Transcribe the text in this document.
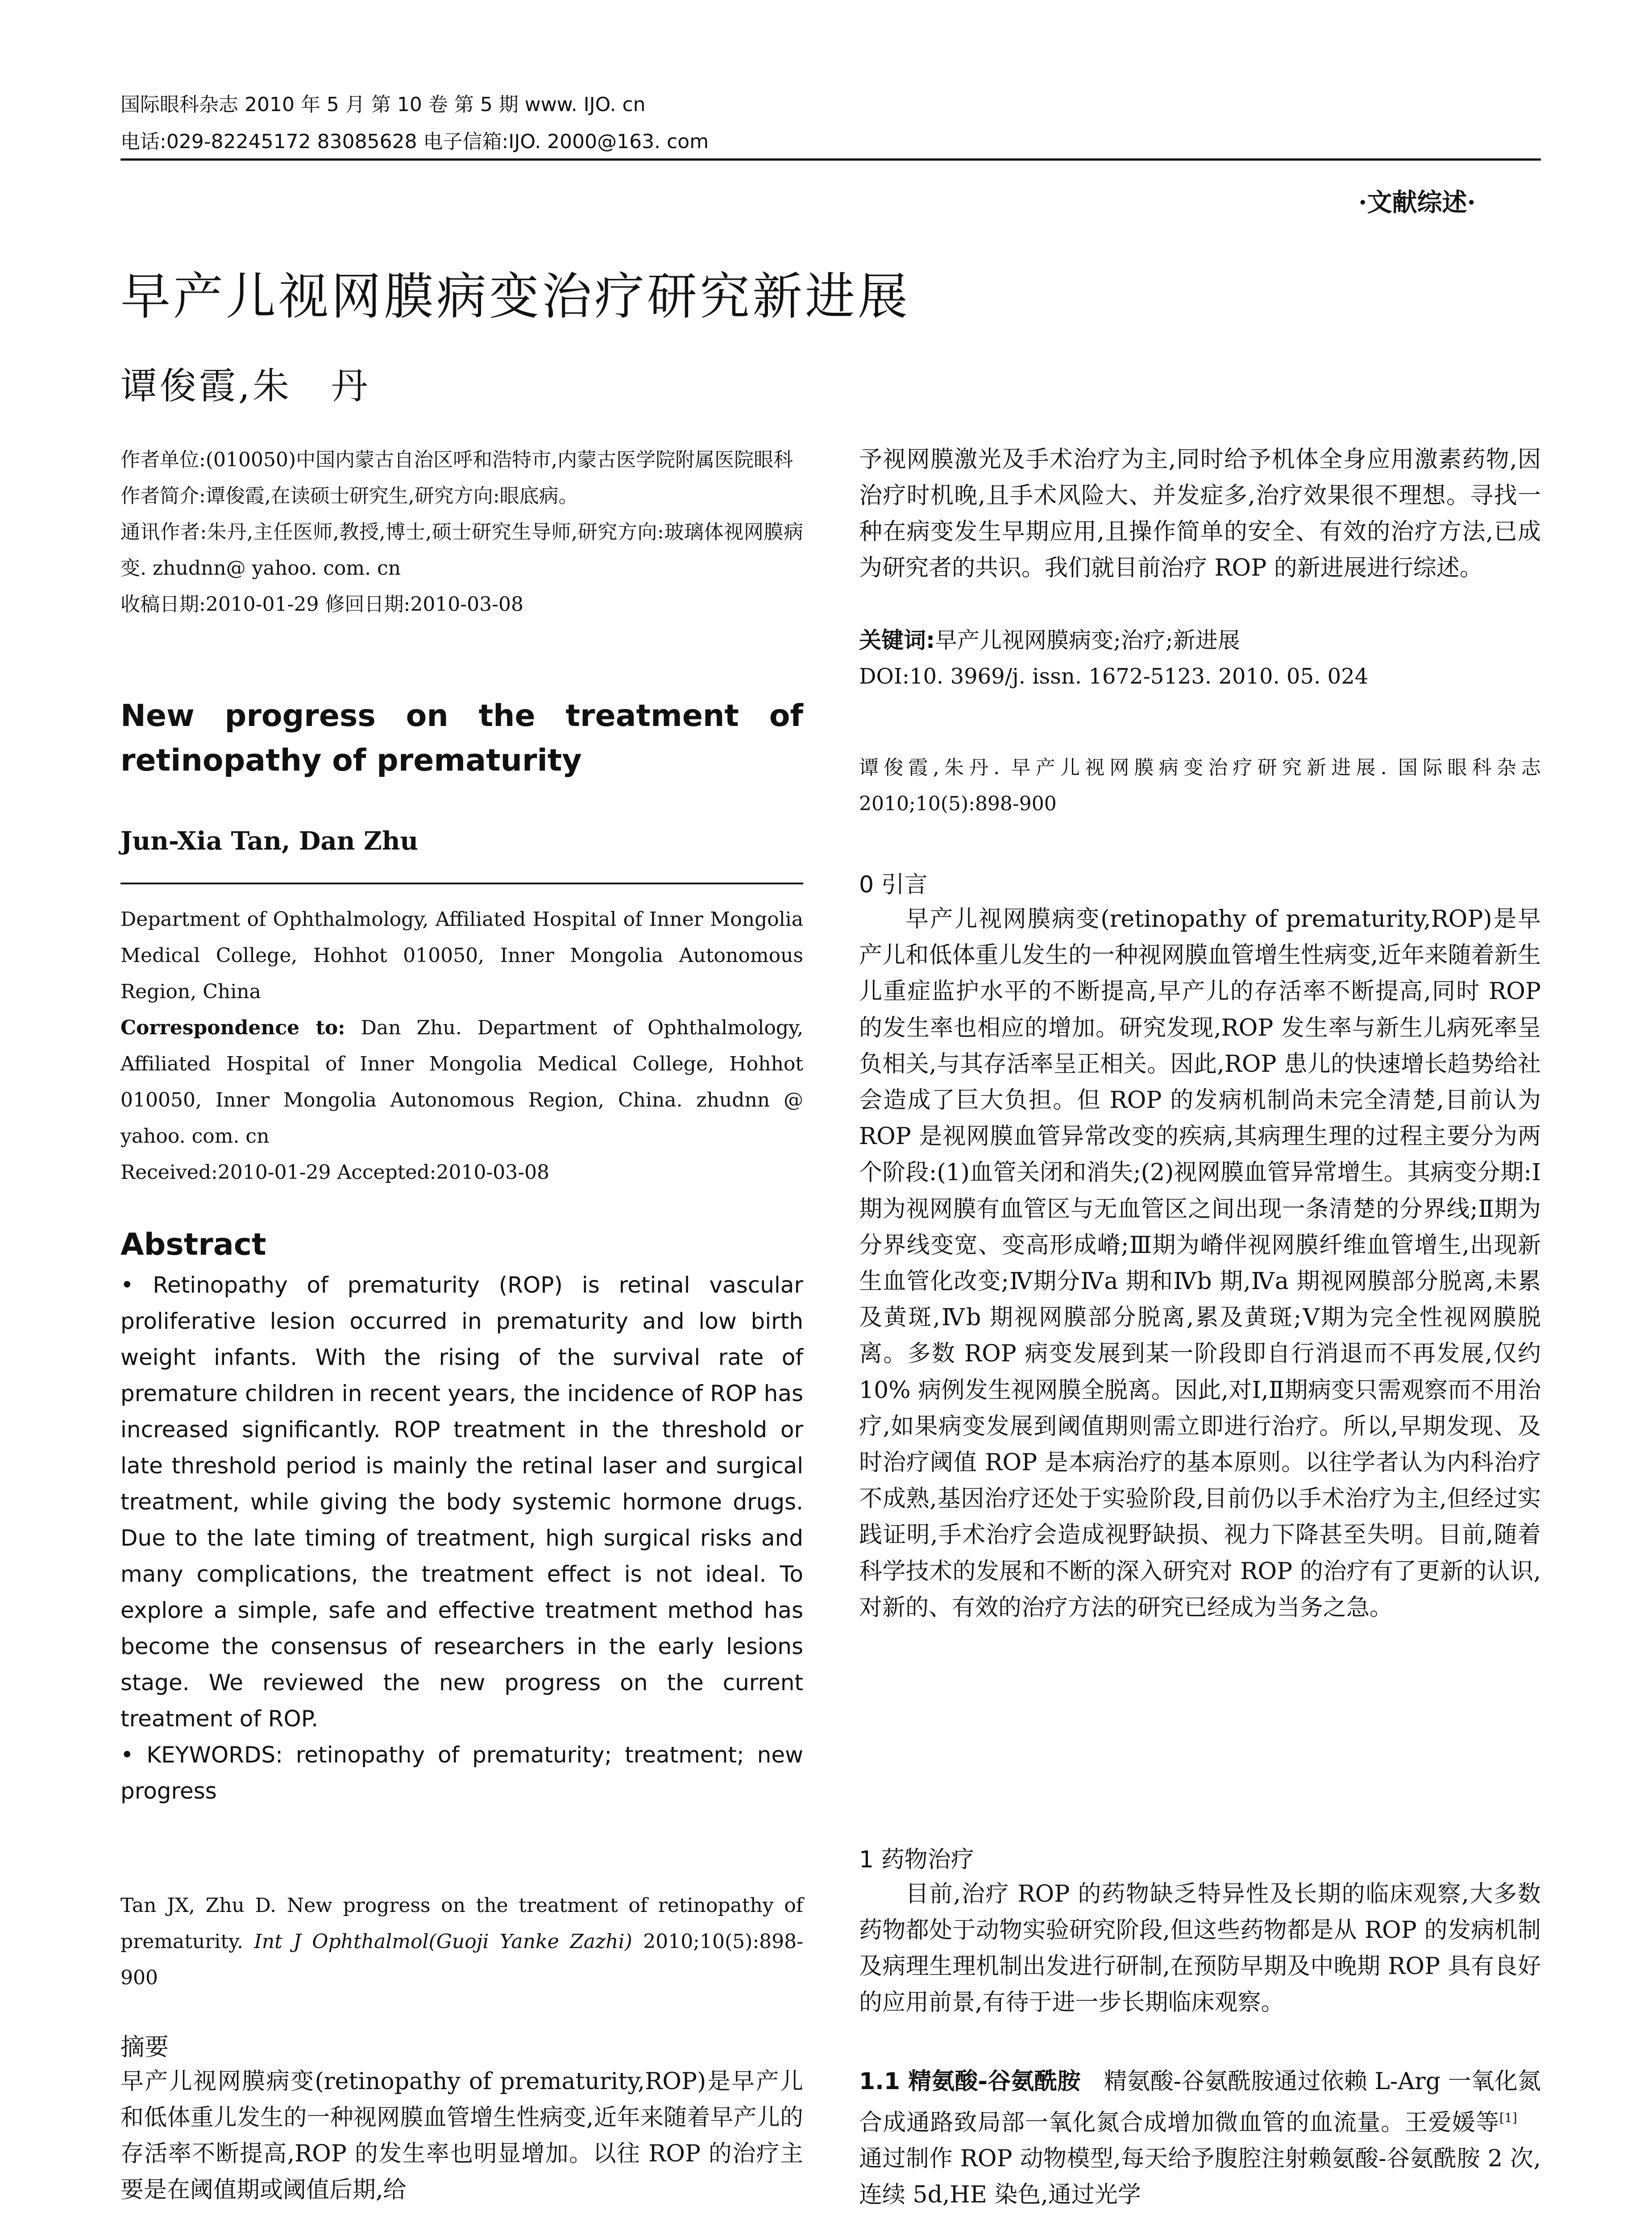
国际眼科杂志 2010 年 5 月 第 10 卷 第 5 期 www. IJO. cn
电话:029-82245172 83085628 电子信箱:IJO. 2000@163. com
·文献综述·
早产儿视网膜病变治疗研究新进展
谭俊霞,朱　丹
作者单位:(010050)中国内蒙古自治区呼和浩特市,内蒙古医学院附属医院眼科
作者简介:谭俊霞,在读硕士研究生,研究方向:眼底病。
通讯作者:朱丹,主任医师,教授,博士,硕士研究生导师,研究方向:玻璃体视网膜病变. zhudnn@ yahoo. com. cn
收稿日期:2010-01-29 修回日期:2010-03-08
New progress on the treatment of retinopathy of prematurity
Jun-Xia Tan, Dan Zhu
Department of Ophthalmology, Affiliated Hospital of Inner Mongolia Medical College, Hohhot 010050, Inner Mongolia Autonomous Region, China
Correspondence to: Dan Zhu. Department of Ophthalmology, Affiliated Hospital of Inner Mongolia Medical College, Hohhot 010050, Inner Mongolia Autonomous Region, China. zhudnn @ yahoo. com. cn
Received:2010-01-29 Accepted:2010-03-08
Abstract
• Retinopathy of prematurity (ROP) is retinal vascular proliferative lesion occurred in prematurity and low birth weight infants. With the rising of the survival rate of premature children in recent years, the incidence of ROP has increased significantly. ROP treatment in the threshold or late threshold period is mainly the retinal laser and surgical treatment, while giving the body systemic hormone drugs. Due to the late timing of treatment, high surgical risks and many complications, the treatment effect is not ideal. To explore a simple, safe and effective treatment method has become the consensus of researchers in the early lesions stage. We reviewed the new progress on the current treatment of ROP.
• KEYWORDS: retinopathy of prematurity; treatment; new progress
Tan JX, Zhu D. New progress on the treatment of retinopathy of prematurity. Int J Ophthalmol(Guoji Yanke Zazhi) 2010;10(5):898-900
摘要
早产儿视网膜病变(retinopathy of prematurity,ROP)是早产儿和低体重儿发生的一种视网膜血管增生性病变,近年来随着早产儿的存活率不断提高,ROP 的发生率也明显增加。以往 ROP 的治疗主要是在阈值期或阈值后期,给
予视网膜激光及手术治疗为主,同时给予机体全身应用激素药物,因治疗时机晚,且手术风险大、并发症多,治疗效果很不理想。寻找一种在病变发生早期应用,且操作简单的安全、有效的治疗方法,已成为研究者的共识。我们就目前治疗 ROP 的新进展进行综述。
关键词:早产儿视网膜病变;治疗;新进展
DOI:10. 3969/j. issn. 1672-5123. 2010. 05. 024
谭俊霞,朱丹. 早产儿视网膜病变治疗研究新进展. 国际眼科杂志 2010;10(5):898-900
0 引言
早产儿视网膜病变(retinopathy of prematurity,ROP)是早产儿和低体重儿发生的一种视网膜血管增生性病变,近年来随着新生儿重症监护水平的不断提高,早产儿的存活率不断提高,同时 ROP 的发生率也相应的增加。研究发现,ROP 发生率与新生儿病死率呈负相关,与其存活率呈正相关。因此,ROP 患儿的快速增长趋势给社会造成了巨大负担。但 ROP 的发病机制尚未完全清楚,目前认为 ROP 是视网膜血管异常改变的疾病,其病理生理的过程主要分为两个阶段:(1)血管关闭和消失;(2)视网膜血管异常增生。其病变分期:Ⅰ期为视网膜有血管区与无血管区之间出现一条清楚的分界线;Ⅱ期为分界线变宽、变高形成嵴;Ⅲ期为嵴伴视网膜纤维血管增生,出现新生血管化改变;Ⅳ期分Ⅳa 期和Ⅳb 期,Ⅳa 期视网膜部分脱离,未累及黄斑,Ⅳb 期视网膜部分脱离,累及黄斑;Ⅴ期为完全性视网膜脱离。多数 ROP 病变发展到某一阶段即自行消退而不再发展,仅约 10% 病例发生视网膜全脱离。因此,对Ⅰ,Ⅱ期病变只需观察而不用治疗,如果病变发展到阈值期则需立即进行治疗。所以,早期发现、及时治疗阈值 ROP 是本病治疗的基本原则。以往学者认为内科治疗不成熟,基因治疗还处于实验阶段,目前仍以手术治疗为主,但经过实践证明,手术治疗会造成视野缺损、视力下降甚至失明。目前,随着科学技术的发展和不断的深入研究对 ROP 的治疗有了更新的认识,对新的、有效的治疗方法的研究已经成为当务之急。
1 药物治疗
目前,治疗 ROP 的药物缺乏特异性及长期的临床观察,大多数药物都处于动物实验研究阶段,但这些药物都是从 ROP 的发病机制及病理生理机制出发进行研制,在预防早期及中晚期 ROP 具有良好的应用前景,有待于进一步长期临床观察。
1.1 精氨酸-谷氨酰胺　精氨酸-谷氨酰胺通过依赖 L-Arg 一氧化氮合成通路致局部一氧化氮合成增加微血管的血流量。王爱媛等[1]　通过制作 ROP 动物模型,每天给予腹腔注射赖氨酸-谷氨酰胺 2 次,连续 5d,HE 染色,通过光学
